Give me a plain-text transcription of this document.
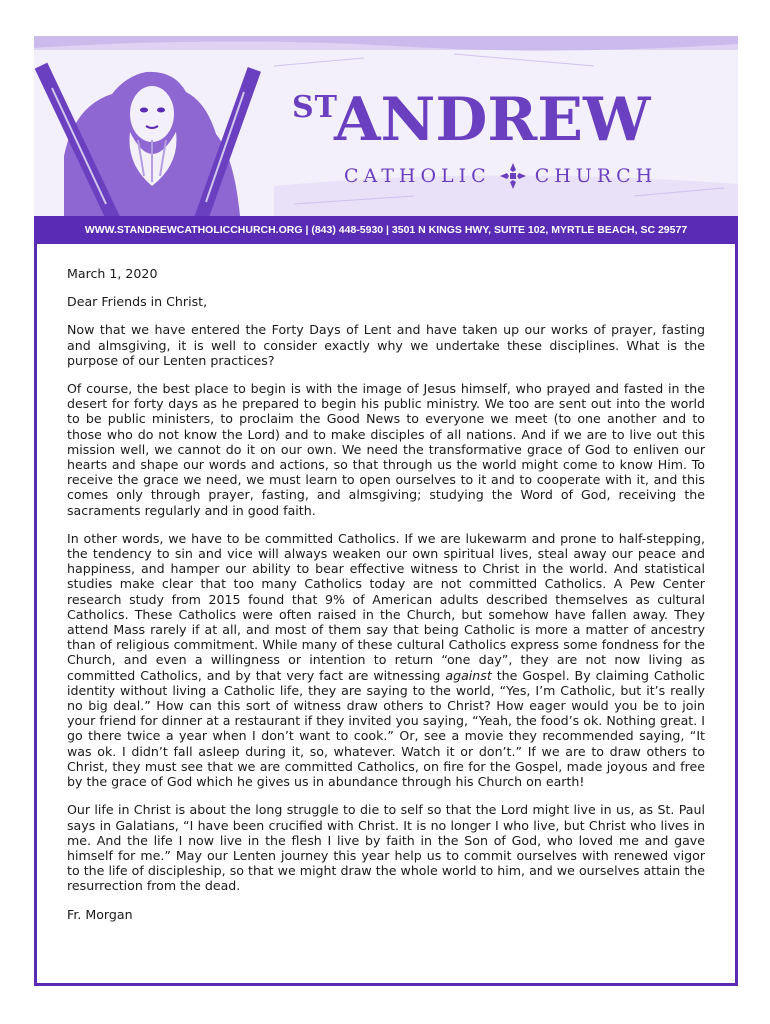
ST
ANDREW
CATHOLIC CHURCH
WWW.STANDREWCATHOLICCHURCH.ORG | (843) 448-5930 | 3501 N KINGS HWY, SUITE 102, MYRTLE BEACH, SC 29577

March 1, 2020

Dear Friends in Christ,

Now that we have entered the Forty Days of Lent and have taken up our works of prayer, fasting and almsgiving, it is well to consider exactly why we undertake these disciplines. What is the purpose of our Lenten practices?

Of course, the best place to begin is with the image of Jesus himself, who prayed and fasted in the desert for forty days as he prepared to begin his public ministry. We too are sent out into the world to be public ministers, to proclaim the Good News to everyone we meet (to one another and to those who do not know the Lord) and to make disciples of all nations. And if we are to live out this mission well, we cannot do it on our own. We need the transformative grace of God to enliven our hearts and shape our words and actions, so that through us the world might come to know Him. To receive the grace we need, we must learn to open ourselves to it and to cooperate with it, and this comes only through prayer, fasting, and almsgiving; studying the Word of God, receiving the sacraments regularly and in good faith.

In other words, we have to be committed Catholics. If we are lukewarm and prone to half-stepping, the tendency to sin and vice will always weaken our own spiritual lives, steal away our peace and happiness, and hamper our ability to bear effective witness to Christ in the world. And statistical studies make clear that too many Catholics today are not committed Catholics. A Pew Center research study from 2015 found that 9% of American adults described themselves as cultural Catholics. These Catholics were often raised in the Church, but somehow have fallen away. They attend Mass rarely if at all, and most of them say that being Catholic is more a matter of ancestry than of religious commitment. While many of these cultural Catholics express some fondness for the Church, and even a willingness or intention to return “one day”, they are not now living as committed Catholics, and by that very fact are witnessing against the Gospel. By claiming Catholic identity without living a Catholic life, they are saying to the world, “Yes, I’m Catholic, but it’s really no big deal.” How can this sort of witness draw others to Christ? How eager would you be to join your friend for dinner at a restaurant if they invited you saying, “Yeah, the food’s ok. Nothing great. I go there twice a year when I don’t want to cook.” Or, see a movie they recommended saying, “It was ok. I didn’t fall asleep during it, so, whatever. Watch it or don’t.” If we are to draw others to Christ, they must see that we are committed Catholics, on fire for the Gospel, made joyous and free by the grace of God which he gives us in abundance through his Church on earth!

Our life in Christ is about the long struggle to die to self so that the Lord might live in us, as St. Paul says in Galatians, “I have been crucified with Christ. It is no longer I who live, but Christ who lives in me. And the life I now live in the flesh I live by faith in the Son of God, who loved me and gave himself for me.” May our Lenten journey this year help us to commit ourselves with renewed vigor to the life of discipleship, so that we might draw the whole world to him, and we ourselves attain the resurrection from the dead.

Fr. Morgan
